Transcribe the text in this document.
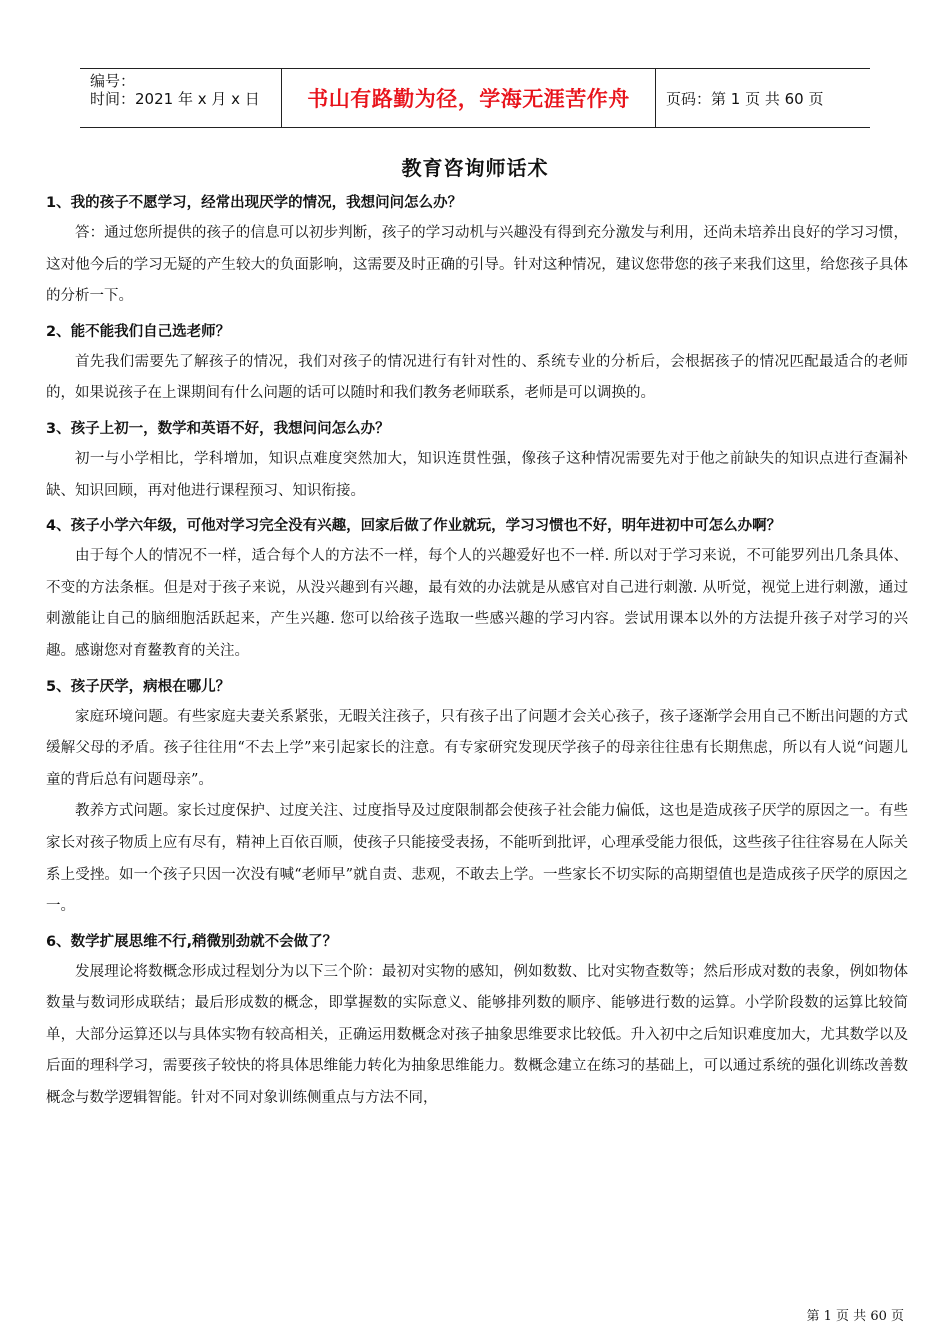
编号：
时间：2021 年 x 月 x 日	书山有路勤为径，学海无涯苦作舟	页码：第 1 页 共 60 页
教育咨询师话术

1、我的孩子不愿学习，经常出现厌学的情况，我想问问怎么办？

答：通过您所提供的孩子的信息可以初步判断，孩子的学习动机与兴趣没有得到充分激发与利用，还尚未培养出良好的学习习惯，这对他今后的学习无疑的产生较大的负面影响，这需要及时正确的引导。针对这种情况，建议您带您的孩子来我们这里，给您孩子具体的分析一下。

2、能不能我们自己选老师？

首先我们需要先了解孩子的情况，我们对孩子的情况进行有针对性的、系统专业的分析后，会根据孩子的情况匹配最适合的老师的，如果说孩子在上课期间有什么问题的话可以随时和我们教务老师联系，老师是可以调换的。

3、孩子上初一，数学和英语不好，我想问问怎么办？

初一与小学相比，学科增加，知识点难度突然加大，知识连贯性强，像孩子这种情况需要先对于他之前缺失的知识点进行查漏补缺、知识回顾，再对他进行课程预习、知识衔接。

4、孩子小学六年级，可他对学习完全没有兴趣，回家后做了作业就玩，学习习惯也不好，明年进初中可怎么办啊？

由于每个人的情况不一样，适合每个人的方法不一样，每个人的兴趣爱好也不一样. 所以对于学习来说，不可能罗列出几条具体、不变的方法条框。但是对于孩子来说，从没兴趣到有兴趣，最有效的办法就是从感官对自己进行刺激. 从听觉，视觉上进行刺激，通过刺激能让自己的脑细胞活跃起来，产生兴趣. 您可以给孩子选取一些感兴趣的学习内容。尝试用课本以外的方法提升孩子对学习的兴趣。感谢您对育鳌教育的关注。

5、孩子厌学，病根在哪儿？

家庭环境问题。有些家庭夫妻关系紧张，无暇关注孩子，只有孩子出了问题才会关心孩子，孩子逐渐学会用自己不断出问题的方式缓解父母的矛盾。孩子往往用“不去上学”来引起家长的注意。有专家研究发现厌学孩子的母亲往往患有长期焦虑，所以有人说“问题儿童的背后总有问题母亲”。

教养方式问题。家长过度保护、过度关注、过度指导及过度限制都会使孩子社会能力偏低，这也是造成孩子厌学的原因之一。有些家长对孩子物质上应有尽有，精神上百依百顺，使孩子只能接受表扬，不能听到批评，心理承受能力很低，这些孩子往往容易在人际关系上受挫。如一个孩子只因一次没有喊“老师早”就自责、悲观，不敢去上学。一些家长不切实际的高期望值也是造成孩子厌学的原因之一。

6、数学扩展思维不行,稍微别劲就不会做了？

发展理论将数概念形成过程划分为以下三个阶：最初对实物的感知，例如数数、比对实物查数等；然后形成对数的表象，例如物体数量与数词形成联结；最后形成数的概念，即掌握数的实际意义、能够排列数的顺序、能够进行数的运算。小学阶段数的运算比较简单，大部分运算还以与具体实物有较高相关，正确运用数概念对孩子抽象思维要求比较低。升入初中之后知识难度加大，尤其数学以及后面的理科学习，需要孩子较快的将具体思维能力转化为抽象思维能力。数概念建立在练习的基础上，可以通过系统的强化训练改善数概念与数学逻辑智能。针对不同对象训练侧重点与方法不同，

第 1 页 共 60 页
